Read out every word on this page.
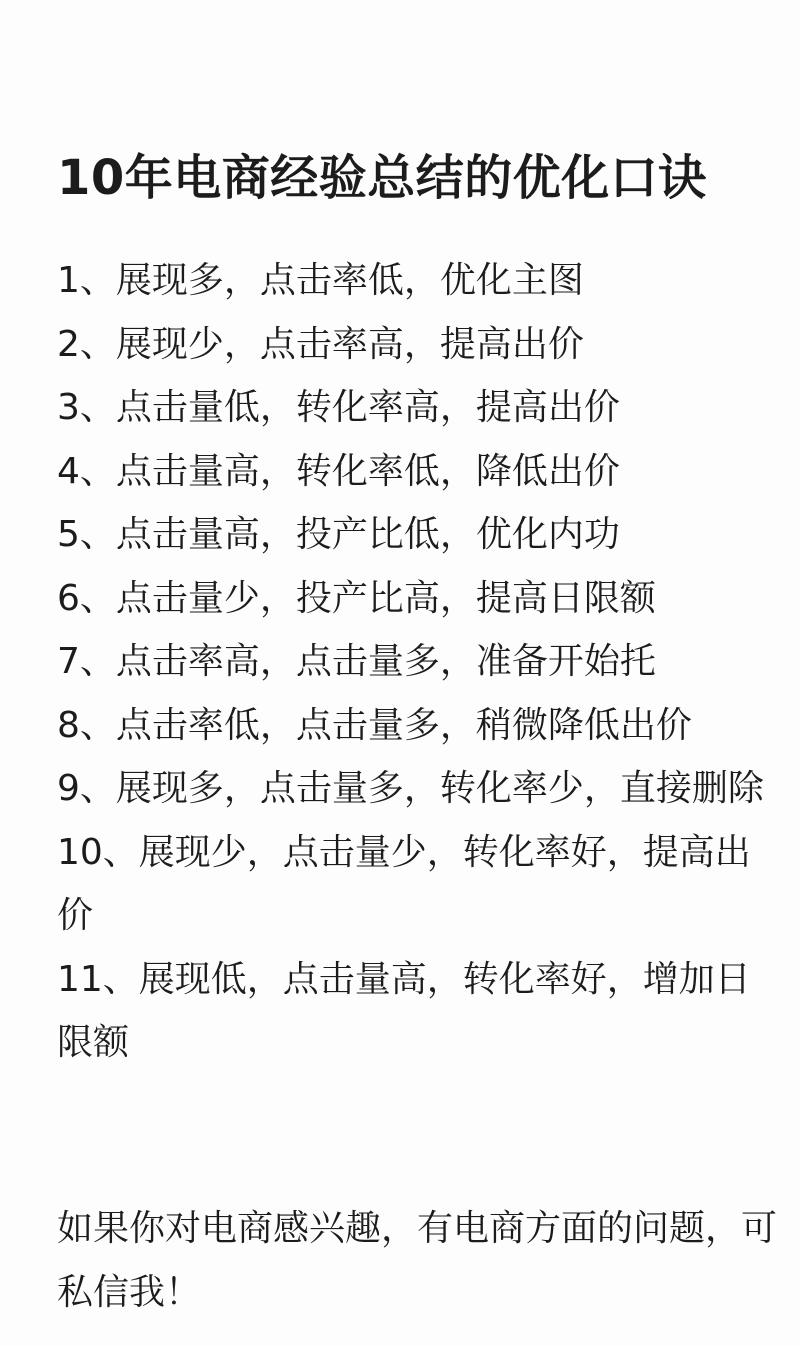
10年电商经验总结的优化口诀
1、展现多，点击率低，优化主图
2、展现少，点击率高，提高出价
3、点击量低，转化率高，提高出价
4、点击量高，转化率低，降低出价
5、点击量高，投产比低，优化内功
6、点击量少，投产比高，提高日限额
7、点击率高，点击量多，准备开始托
8、点击率低，点击量多，稍微降低出价
9、展现多，点击量多，转化率少，直接删除
10、展现少，点击量少，转化率好，提高出价
11、展现低，点击量高，转化率好，增加日限额

如果你对电商感兴趣，有电商方面的问题，可私信我！
